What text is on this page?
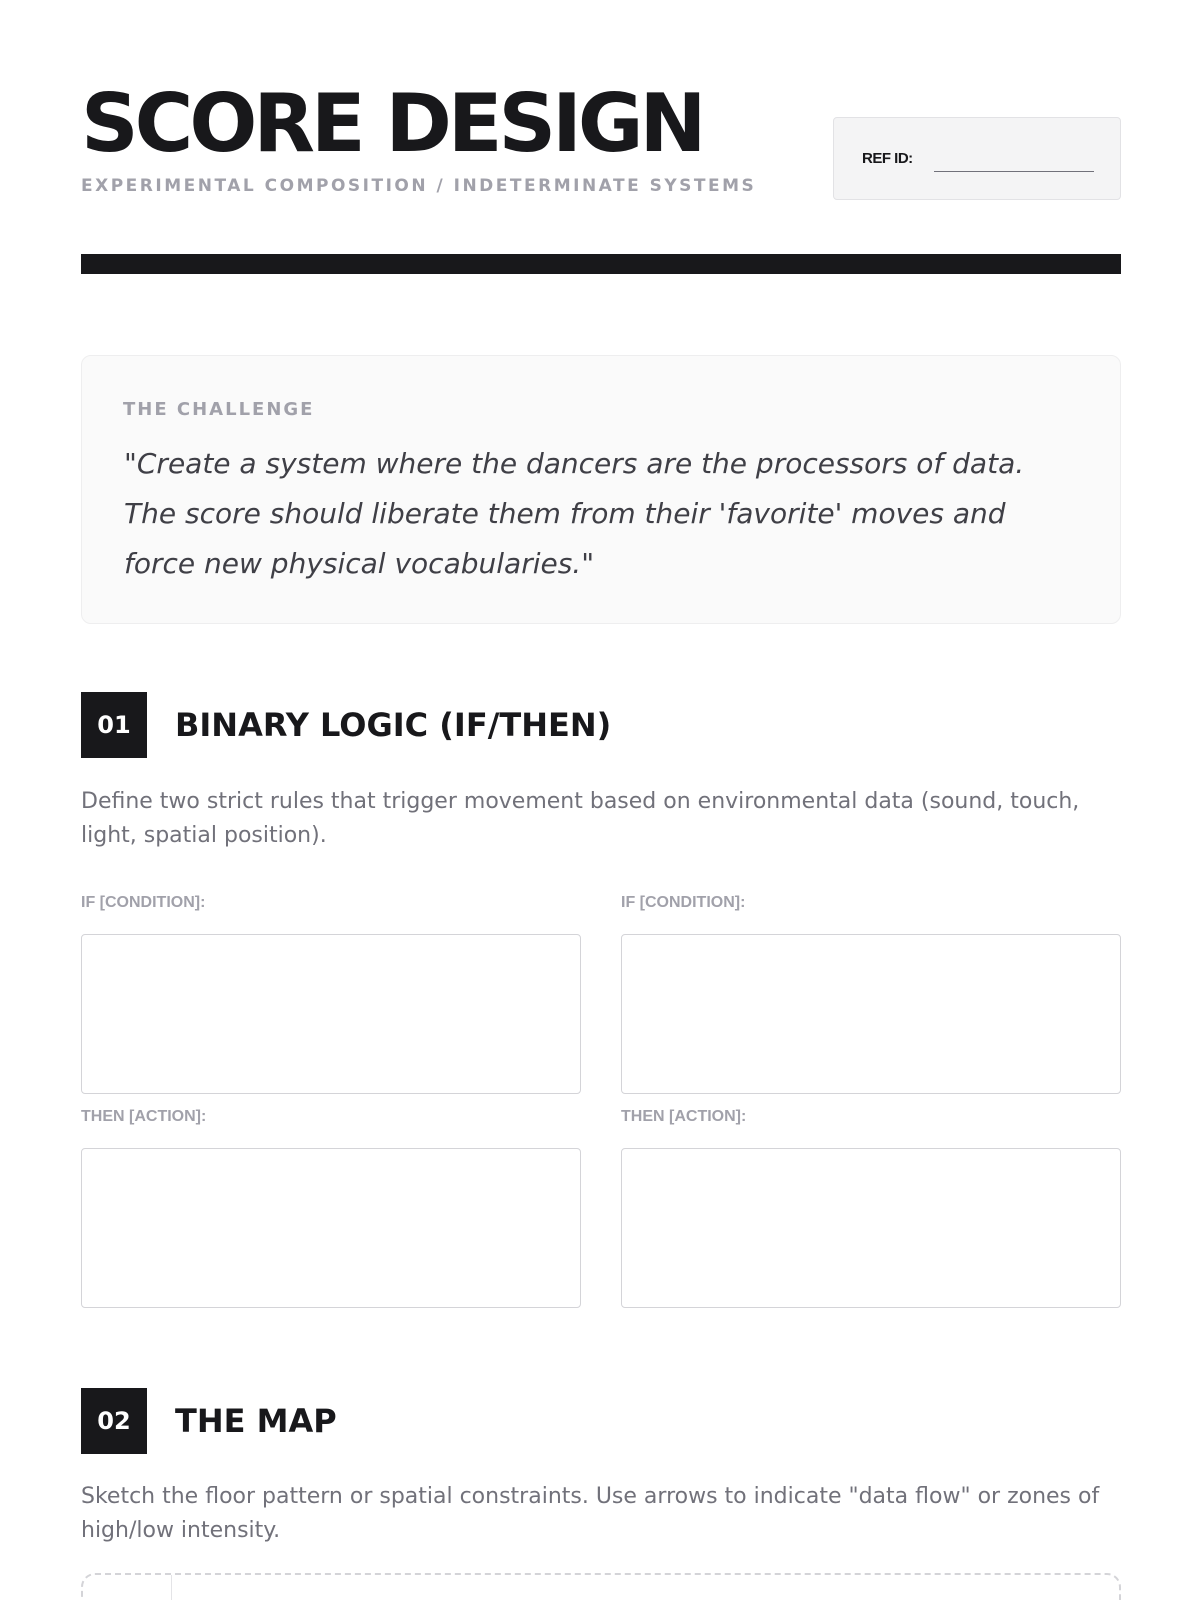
SCORE DESIGN
EXPERIMENTAL COMPOSITION / INDETERMINATE SYSTEMS
REF ID:
THE CHALLENGE
"Create a system where the dancers are the processors of data. The score should liberate them from their 'favorite' moves and force new physical vocabularies."
01	BINARY LOGIC (IF/THEN)
Define two strict rules that trigger movement based on environmental data (sound, touch, light, spatial position).
IF [CONDITION]:	IF [CONDITION]:
THEN [ACTION]:	THEN [ACTION]:
02	THE MAP
Sketch the floor pattern or spatial constraints. Use arrows to indicate "data flow" or zones of high/low intensity.
